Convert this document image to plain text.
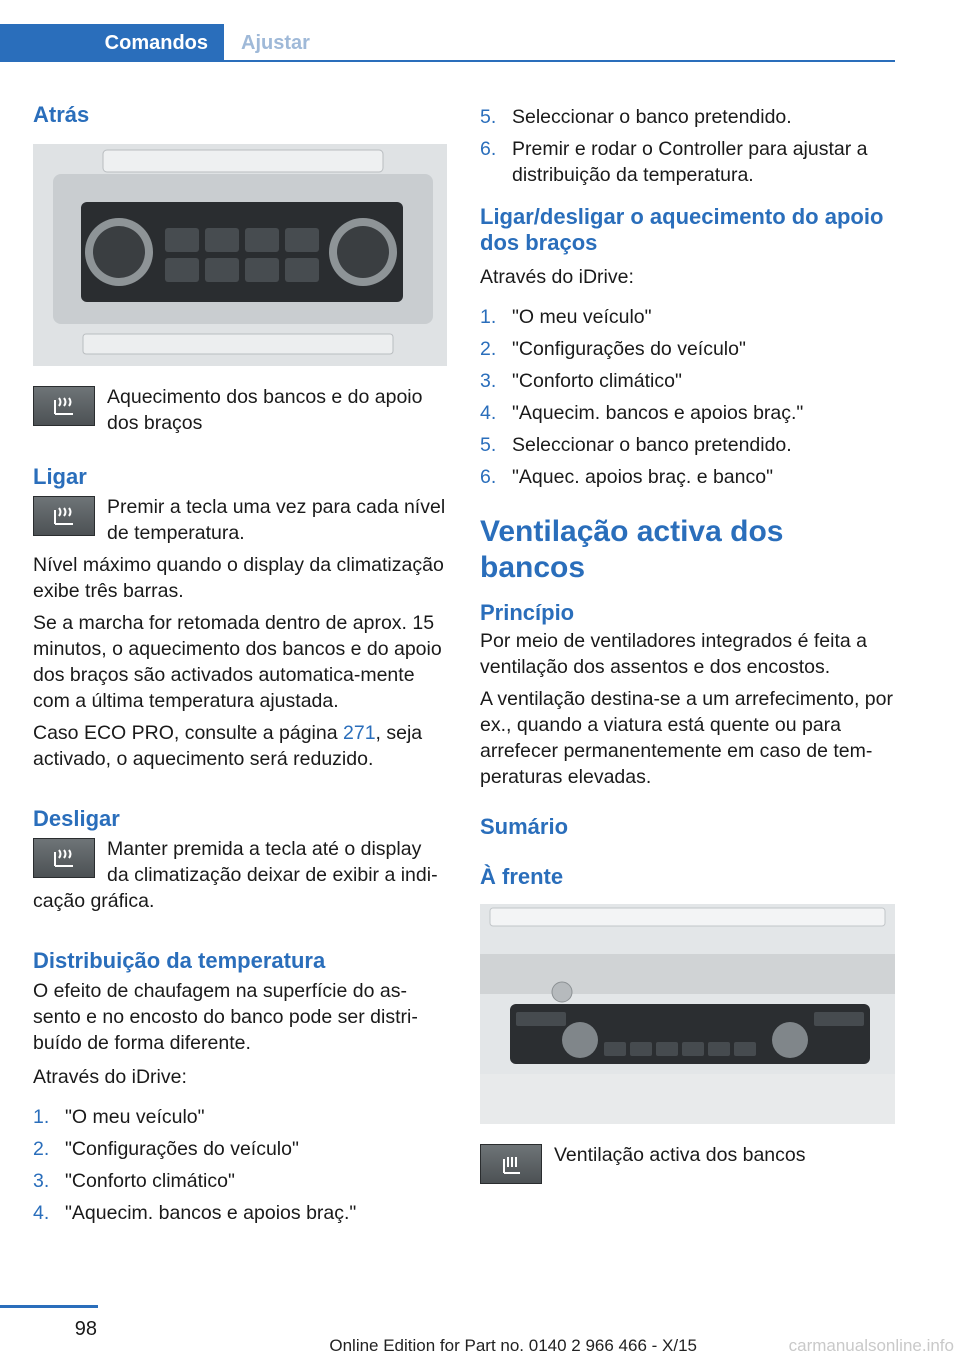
Comandos Ajustar

Atrás

Aquecimento dos bancos e do apoio dos braços

Ligar

Premir a tecla uma vez para cada nível de temperatura.

Nível máximo quando o display da climatização exibe três barras.

Se a marcha for retomada dentro de aprox. 15 minutos, o aquecimento dos bancos e do apoio dos braços são activados automatica-mente com a última temperatura ajustada.

Caso ECO PRO, consulte a página 271, seja activado, o aquecimento será reduzido.

Desligar

Manter premida a tecla até o display da climatização deixar de exibir a indi-cação gráfica.

Distribuição da temperatura

O efeito de chaufagem na superfície do as-sento e no encosto do banco pode ser distri-buído de forma diferente.

Através do iDrive:

1. "O meu veículo"
2. "Configurações do veículo"
3. "Conforto climático"
4. "Aquecim. bancos e apoios braç."
5. Seleccionar o banco pretendido.
6. Premir e rodar o Controller para ajustar a distribuição da temperatura.

Ligar/desligar o aquecimento do apoio dos braços

Através do iDrive:

1. "O meu veículo"
2. "Configurações do veículo"
3. "Conforto climático"
4. "Aquecim. bancos e apoios braç."
5. Seleccionar o banco pretendido.
6. "Aquec. apoios braç. e banco"

Ventilação activa dos bancos

Princípio

Por meio de ventiladores integrados é feita a ventilação dos assentos e dos encostos.

A ventilação destina-se a um arrefecimento, por ex., quando a viatura está quente ou para arrefecer permanentemente em caso de tem-peraturas elevadas.

Sumário

À frente

Ventilação activa dos bancos

98
Online Edition for Part no. 0140 2 966 466 - X/15	carmanualsonline.info
